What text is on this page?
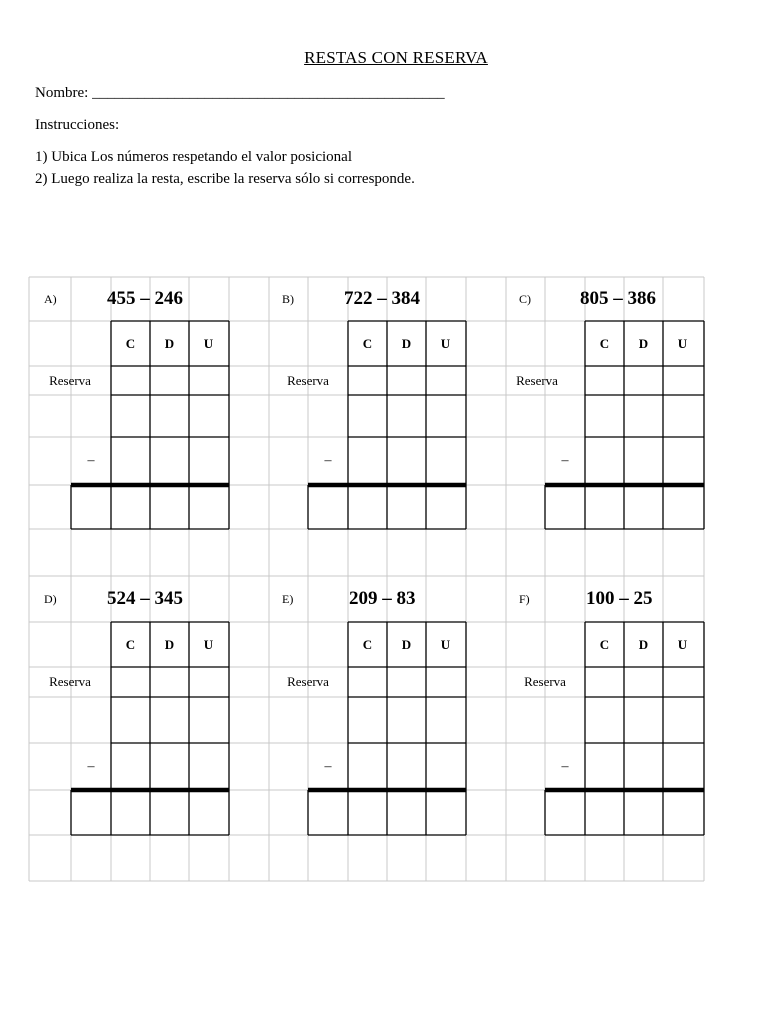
RESTAS CON RESERVA
Nombre: _______________________________________________
Instrucciones:
1) Ubica Los números respetando el valor posicional
2) Luego realiza la resta, escribe la reserva sólo si corresponde.
A)	455 – 246
C	D	U
Reserva
–
B)	722 – 384
C	D	U
Reserva
–
C)	805 – 386
C	D	U
Reserva
–
D)	524 – 345
C	D	U
Reserva
–
E)	209 – 83
C	D	U
Reserva
–
F)	100 – 25
C	D	U
Reserva
–
